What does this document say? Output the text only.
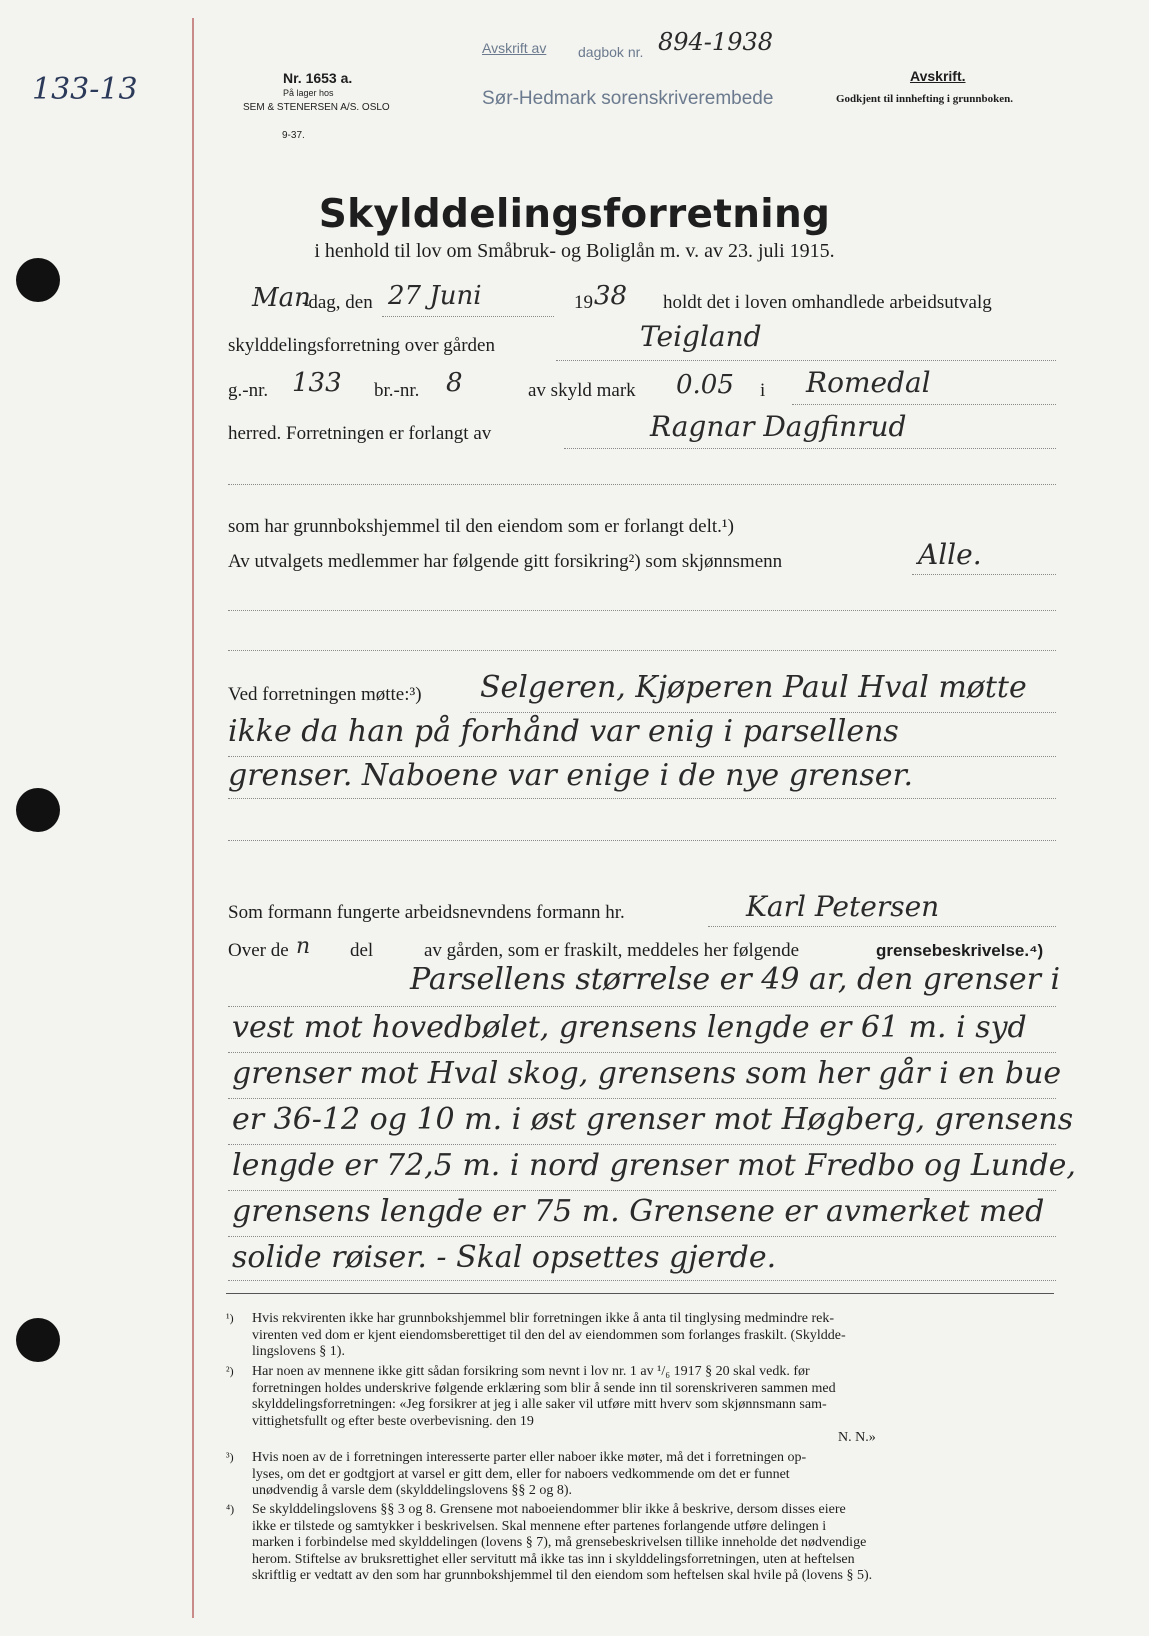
133-13	Nr. 1653 a.
På lager hos
SEM & STENERSEN A/S. OSLO
9-37.
Avskrift av dagbok nr. 894-1938
Sør-Hedmark sorenskriverembede
Avskrift.
Godkjent til innhefting i grunnboken.
Skylddelingsforretning
i henhold til lov om Småbruk- og Boliglån m. v. av 23. juli 1915.
Man
-dag, den 27 Juni	19 38 holdt det i loven omhandlede arbeidsutvalg
skylddelingsforretning over gården	Teigland
g.-nr. 133 br.-nr. 8	av skyld mark 0.05 i Romedal
herred. Forretningen er forlangt av	Ragnar Dagfinrud
som har grunnbokshjemmel til den eiendom som er forlangt delt.¹)
Av utvalgets medlemmer har følgende gitt forsikring²) som skjønnsmenn	Alle.
Ved forretningen møtte:³) Selgeren, Kjøperen Paul Hval møtte
ikke da han på forhånd var enig i parsellens
grenser. Naboene var enige i de nye grenser.
Som formann fungerte arbeidsnevndens formann hr.	Karl Petersen
Over de n del	av gården, som er fraskilt, meddeles her følgende	grensebeskrivelse.⁴)
Parsellens størrelse er 49 ar, den grenser i
vest mot hovedbølet, grensens lengde er 61 m. i syd
grenser mot Hval skog, grensens som her går i en bue
er 36-12 og 10 m. i øst grenser mot Høgberg, grensens
lengde er 72,5 m. i nord grenser mot Fredbo og Lunde,
grensens lengde er 75 m. Grensene er avmerket med
solide røiser. - Skal opsettes gjerde.
¹) Hvis rekvirenten ikke har grunnbokshjemmel blir forretningen ikke å anta til tinglysing medmindre rek-
virenten ved dom er kjent eiendomsberettiget til den del av eiendommen som forlanges fraskilt. (Skyldde-
lingslovens § 1).
²) Har noen av mennene ikke gitt sådan forsikring som nevnt i lov nr. 1 av ¹/₆ 1917 § 20 skal vedk. før
forretningen holdes underskrive følgende erklæring som blir å sende inn til sorenskriveren sammen med
skylddelingsforretningen: «Jeg forsikrer at jeg i alle saker vil utføre mitt hverv som skjønnsmann sam-
vittighetsfullt og efter beste overbevisning. den 19
N. N.»
³) Hvis noen av de i forretningen interesserte parter eller naboer ikke møter, må det i forretningen op-
lyses, om det er godtgjort at varsel er gitt dem, eller for naboers vedkommende om det er funnet
unødvendig å varsle dem (skylddelingslovens §§ 2 og 8).
⁴) Se skylddelingslovens §§ 3 og 8. Grensene mot naboeiendommer blir ikke å beskrive, dersom disses eiere
ikke er tilstede og samtykker i beskrivelsen. Skal mennene efter partenes forlangende utføre delingen i
marken i forbindelse med skylddelingen (lovens § 7), må grensebeskrivelsen tillike inneholde det nødvendige
herom. Stiftelse av bruksrettighet eller servitutt må ikke tas inn i skylddelingsforretningen, uten at heftelsen
skriftlig er vedtatt av den som har grunnbokshjemmel til den eiendom som heftelsen skal hvile på (lovens § 5).
